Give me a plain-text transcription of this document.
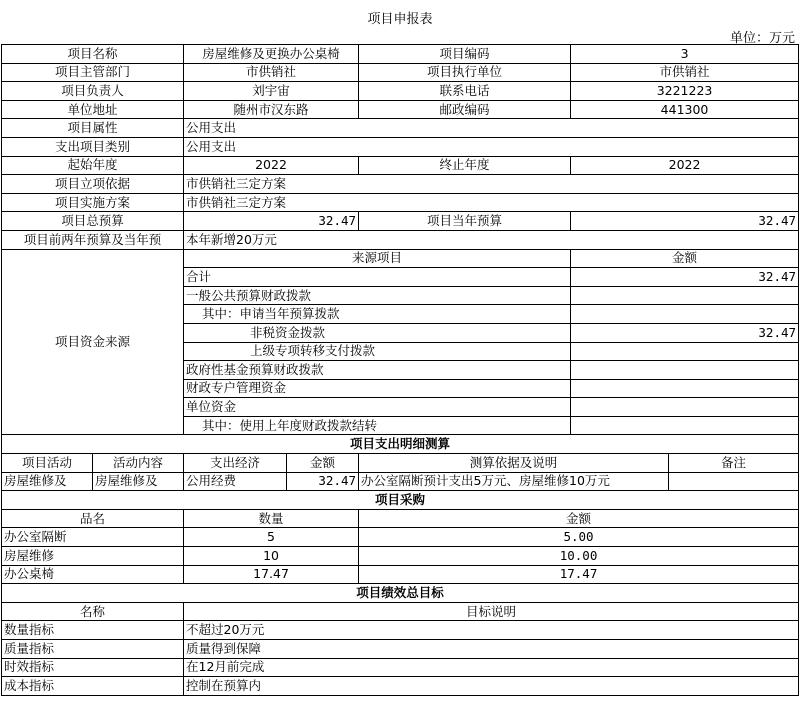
项目申报表
单位：万元
项目名称		房屋维修及更换办公桌椅		项目编码	3	
项目主管部门		市供销社		项目执行单位	市供销社	
项目负责人		刘宇宙		联系电话	3221223	
单位地址		随州市汉东路		邮政编码	441300	
项目属性		公用支出				
支出项目类别		公用支出				
起始年度		2022		终止年度	2022	
项目立项依据		市供销社三定方案				
项目实施方案		市供销社三定方案				
项目总预算		32.47		项目当年预算	32.47	
项目前两年预算及当年预		本年新增20万元				
项目资金来源		来源项目			金额	
		合计			32.47	
		一般公共预算财政拨款				
		其中：申请当年预算拨款				
		非税资金拨款			32.47	
		上级专项转移支付拨款				
		政府性基金预算财政拨款				
		财政专户管理资金				
		单位资金				
		其中：使用上年度财政拨款结转				
项目支出明细测算						
项目活动	活动内容	支出经济	金额	测算依据及说明		备注
房屋维修及	房屋维修及	公用经费	32.47	办公室隔断预计支出5万元、房屋维修10万元		
项目采购						
品名		数量		金额		
办公室隔断		5		5.00		
房屋维修		10		10.00		
办公桌椅		17.47		17.47		
项目绩效总目标						
名称		目标说明				
数量指标		不超过20万元				
质量指标		质量得到保障				
时效指标		在12月前完成				
成本指标		控制在预算内				
